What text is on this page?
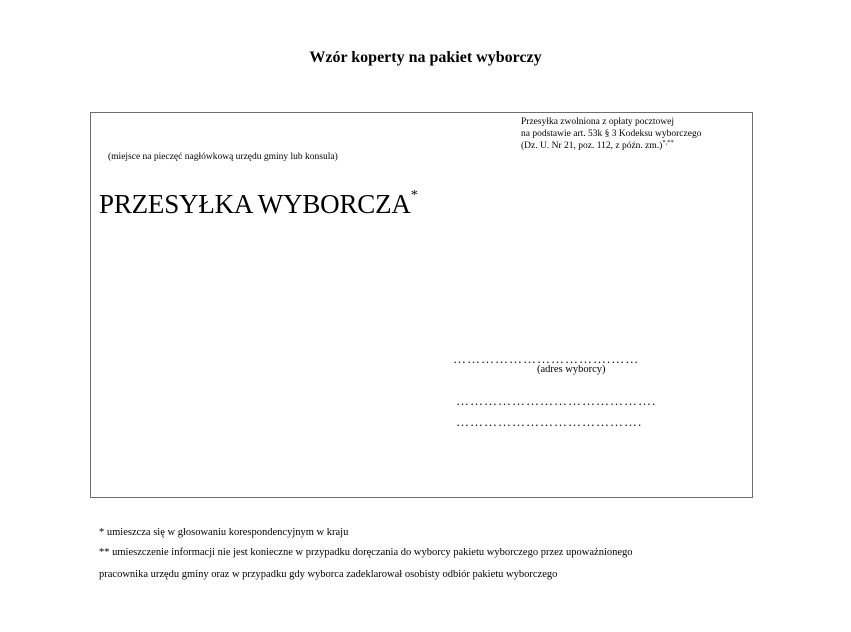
Wzór koperty na pakiet wyborczy
Przesyłka zwolniona z opłaty pocztowej
na podstawie art. 53k § 3 Kodeksu wyborczego
(Dz. U. Nr 21, poz. 112, z późn. zm.)*,**
(miejsce na pieczęć nagłówkową urzędu gminy lub konsula)
PRZESYŁKA WYBORCZA*
…………………………….……
(adres wyborcy)
…………………………………….
………………………………….
* umieszcza się w głosowaniu korespondencyjnym w kraju
** umieszczenie informacji nie jest konieczne w przypadku doręczania do wyborcy pakietu wyborczego przez upoważnionego
pracownika urzędu gminy oraz w przypadku gdy wyborca zadeklarował osobisty odbiór pakietu wyborczego
